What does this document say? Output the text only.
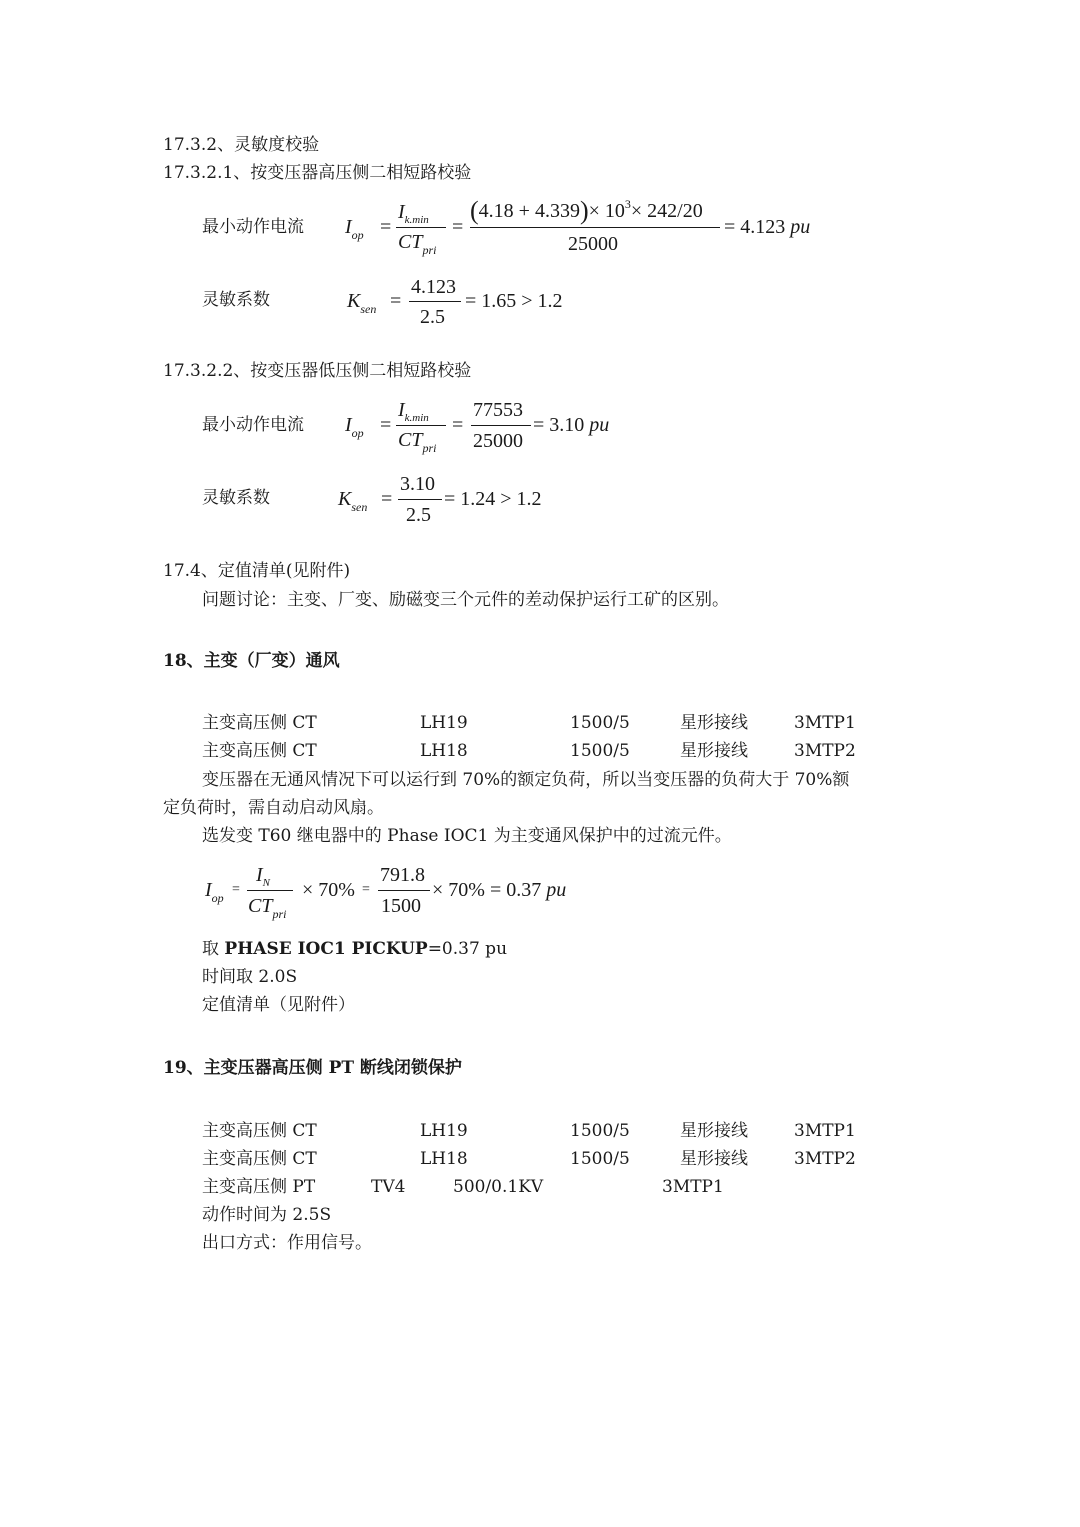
17.3.2、灵敏度校验
17.3.2.1、按变压器高压侧二相短路校验
最小动作电流 $I_{op}$ =
$I_{k.min}$
$CT_{pri}$
=
$(4.18 + 4.339)\times 10^3\times 242/20$
25000
= 4.123 pu
灵敏系数	$K_{sen}$ =
4.123
2.5
= 1.65 > 1.2
17.3.2.2、按变压器低压侧二相短路校验
最小动作电流 $I_{op}$ =
$I_{k.min}$
$CT_{pri}$
=
77553
25000
= 3.10 pu
灵敏系数	$K_{sen}$ =
3.10
2.5
= 1.24 > 1.2
17.4、定值清单(见附件)
问题讨论：主变、厂变、励磁变三个元件的差动保护运行工矿的区别。
18、主变（厂变）通风
主变高压侧 CT	LH19	1500/5	星形接线	3MTP1
主变高压侧 CT	LH18	1500/5	星形接线	3MTP2
变压器在无通风情况下可以运行到 70%的额定负荷，所以当变压器的负荷大于 70%额
定负荷时，需自动启动风扇。
选发变 T60 继电器中的 Phase IOC1 为主变通风保护中的过流元件。
$I_{op}$
=
$I_N$
$CT_{pri}$
× 70% =
791.8
1500
× 70% = 0.37 pu
取 PHASE IOC1 PICKUP=0.37 pu
时间取 2.0S
定值清单（见附件）
19、主变压器高压侧 PT 断线闭锁保护
主变高压侧 CT	LH19	1500/5	星形接线	3MTP1
主变高压侧 CT	LH18	1500/5	星形接线	3MTP2
主变高压侧 PT	TV4	500/0.1KV	3MTP1
动作时间为 2.5S
出口方式：作用信号。
